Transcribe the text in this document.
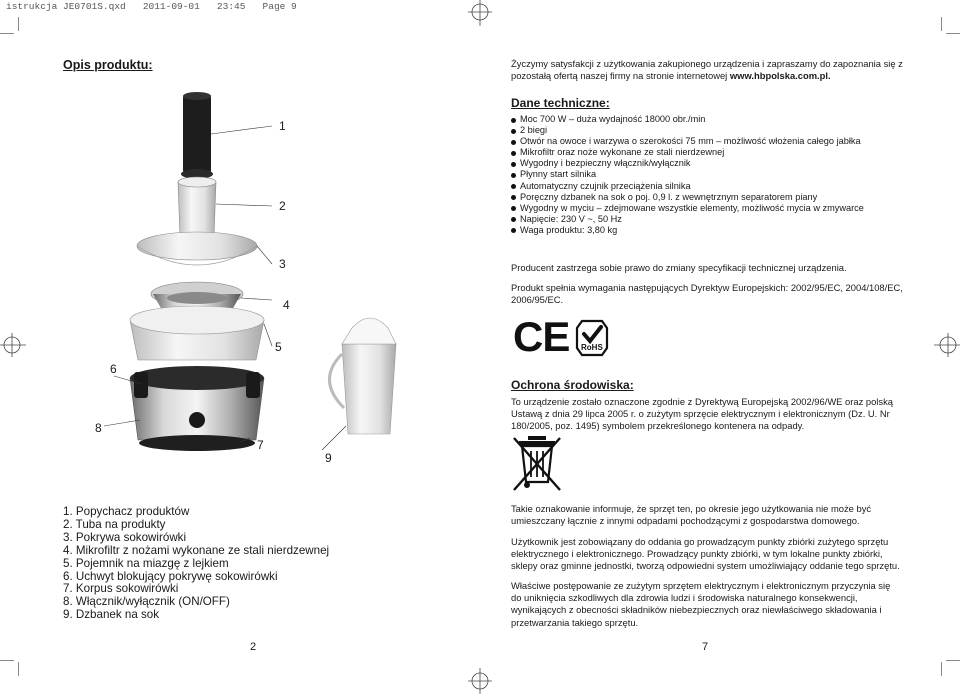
istrukcja JE0701S.qxd   2011-09-01   23:45   Page 9
Opis produktu:
1
2
3
4
5
6
7
8
9
1. Popychacz produktów
2. Tuba na produkty
3. Pokrywa sokowirówki
4. Mikrofiltr z nożami wykonane ze stali nierdzewnej
5. Pojemnik na miazgę z lejkiem
6. Uchwyt blokujący pokrywę sokowirówki
7. Korpus sokowirówki
8. Włącznik/wyłącznik (ON/OFF)
9. Dzbanek na sok
2
Życzymy satysfakcji z użytkowania zakupionego urządzenia i zapraszamy do zapoznania się z pozostałą ofertą naszej firmy na stronie internetowej www.hbpolska.com.pl.
Dane techniczne:
Moc 700 W – duża wydajność 18000 obr./min
2 biegi
Otwór na owoce i warzywa o szerokości 75 mm – możliwość włożenia całego jabłka
Mikrofiltr oraz noże wykonane ze stali nierdzewnej
Wygodny i bezpieczny włącznik/wyłącznik
Płynny start silnika
Automatyczny czujnik przeciążenia silnika
Poręczny dzbanek na sok o poj. 0,9 l. z wewnętrznym separatorem piany
Wygodny w myciu – zdejmowane wszystkie elementy, możliwość mycia w zmywarce
Napięcie: 230 V ~, 50 Hz
Waga produktu: 3,80 kg
Producent zastrzega sobie prawo do zmiany specyfikacji technicznej urządzenia.
Produkt spełnia wymagania następujących Dyrektyw Europejskich: 2002/95/EC, 2004/108/EC, 2006/95/EC.
CE RoHS
Ochrona środowiska:
To urządzenie zostało oznaczone zgodnie z Dyrektywą Europejską 2002/96/WE oraz polską Ustawą z dnia 29 lipca 2005 r. o zużytym sprzęcie elektrycznym i elektronicznym (Dz. U. Nr 180/2005, poz. 1495) symbolem przekreślonego kontenera na odpady.
Takie oznakowanie informuje, że sprzęt ten, po okresie jego użytkowania nie może być umieszczany łącznie z innymi odpadami pochodzącymi z gospodarstwa domowego.
Użytkownik jest zobowiązany do oddania go prowadzącym punkty zbiórki zużytego sprzętu elektrycznego i elektronicznego. Prowadzący punkty zbiórki, w tym lokalne punkty zbiórki, sklepy oraz gminne jednostki, tworzą odpowiedni system umożliwiający oddanie tego sprzętu.
Właściwe postępowanie ze zużytym sprzętem elektrycznym i elektronicznym przyczynia się do uniknięcia szkodliwych dla zdrowia ludzi i środowiska naturalnego konsekwencji, wynikających z obecności składników niebezpiecznych oraz niewłaściwego składowania i przetwarzania takiego sprzętu.
7
